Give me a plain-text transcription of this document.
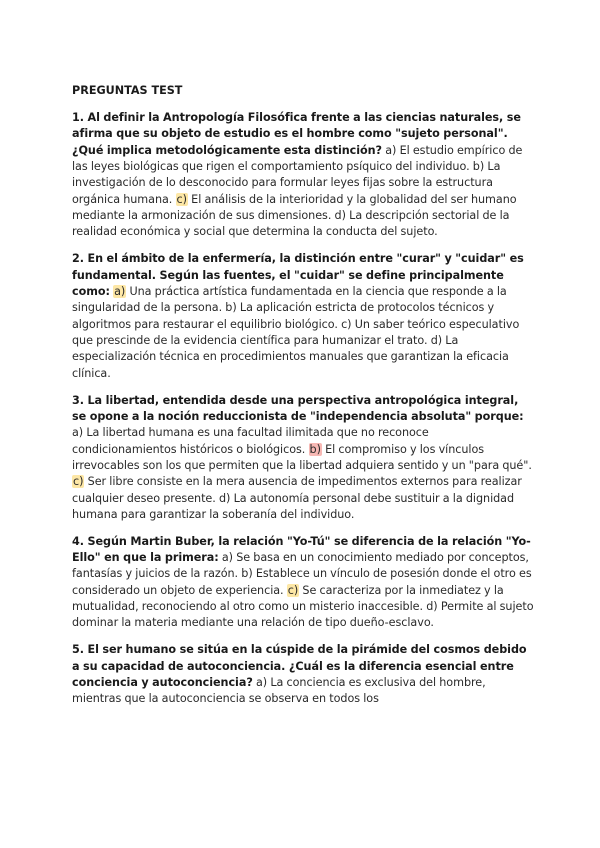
PREGUNTAS TEST
1. Al definir la Antropología Filosófica frente a las ciencias naturales, se afirma que su objeto de estudio es el hombre como "sujeto personal". ¿Qué implica metodológicamente esta distinción? a) El estudio empírico de las leyes biológicas que rigen el comportamiento psíquico del individuo. b) La investigación de lo desconocido para formular leyes fijas sobre la estructura orgánica humana. c) El análisis de la interioridad y la globalidad del ser humano mediante la armonización de sus dimensiones. d) La descripción sectorial de la realidad económica y social que determina la conducta del sujeto.
2. En el ámbito de la enfermería, la distinción entre "curar" y "cuidar" es fundamental. Según las fuentes, el "cuidar" se define principalmente como: a) Una práctica artística fundamentada en la ciencia que responde a la singularidad de la persona. b) La aplicación estricta de protocolos técnicos y algoritmos para restaurar el equilibrio biológico. c) Un saber teórico especulativo que prescinde de la evidencia científica para humanizar el trato. d) La especialización técnica en procedimientos manuales que garantizan la eficacia clínica.
3. La libertad, entendida desde una perspectiva antropológica integral, se opone a la noción reduccionista de "independencia absoluta" porque: a) La libertad humana es una facultad ilimitada que no reconoce condicionamientos históricos o biológicos. b) El compromiso y los vínculos irrevocables son los que permiten que la libertad adquiera sentido y un "para qué". c) Ser libre consiste en la mera ausencia de impedimentos externos para realizar cualquier deseo presente. d) La autonomía personal debe sustituir a la dignidad humana para garantizar la soberanía del individuo.
4. Según Martin Buber, la relación "Yo-Tú" se diferencia de la relación "Yo-Ello" en que la primera: a) Se basa en un conocimiento mediado por conceptos, fantasías y juicios de la razón. b) Establece un vínculo de posesión donde el otro es considerado un objeto de experiencia. c) Se caracteriza por la inmediatez y la mutualidad, reconociendo al otro como un misterio inaccesible. d) Permite al sujeto dominar la materia mediante una relación de tipo dueño-esclavo.
5. El ser humano se sitúa en la cúspide de la pirámide del cosmos debido a su capacidad de autoconciencia. ¿Cuál es la diferencia esencial entre conciencia y autoconciencia? a) La conciencia es exclusiva del hombre, mientras que la autoconciencia se observa en todos los
